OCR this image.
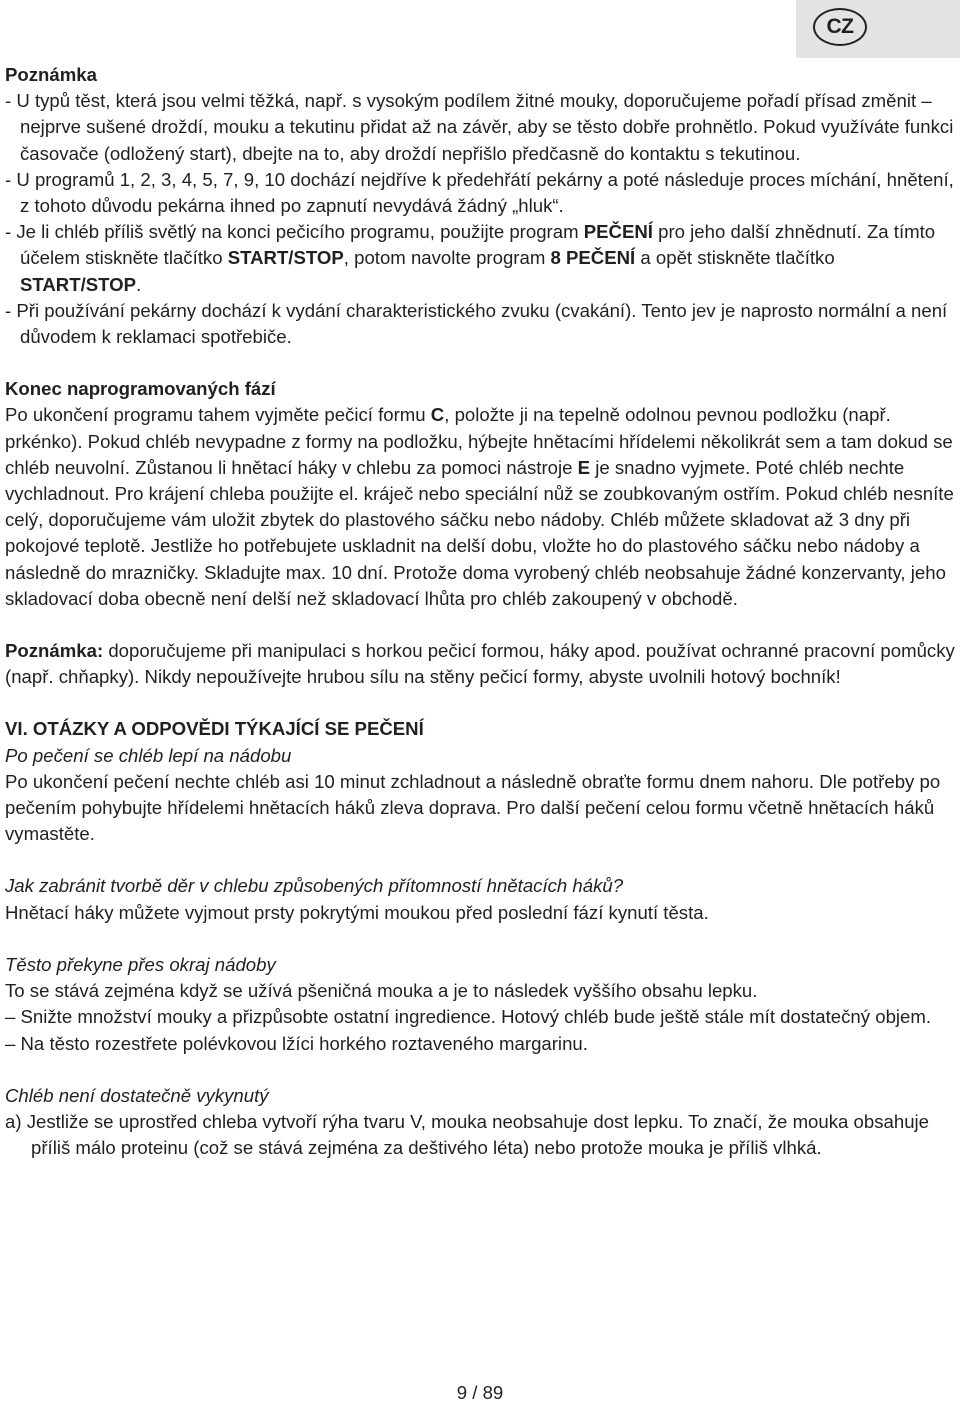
CZ

Poznámka

- U typů těst, která jsou velmi těžká, např. s vysokým podílem žitné mouky, doporučujeme pořadí přísad změnit – nejprve sušené droždí, mouku a tekutinu přidat až na závěr, aby se těsto dobře prohnětlo. Pokud využíváte funkci časovače (odložený start), dbejte na to, aby droždí nepřišlo předčasně do kontaktu s tekutinou.

- U programů 1, 2, 3, 4, 5, 7, 9, 10 dochází nejdříve k předehřátí pekárny a poté následuje proces míchání, hnětení, z tohoto důvodu pekárna ihned po zapnutí nevydává žádný „hluk“.

- Je li chléb příliš světlý na konci pečicího programu, použijte program PEČENÍ pro jeho další zhnědnutí. Za tímto účelem stiskněte tlačítko START/STOP, potom navolte program 8 PEČENÍ a opět stiskněte tlačítko START/STOP.

- Při používání pekárny dochází k vydání charakteristického zvuku (cvakání). Tento jev je naprosto normální a není důvodem k reklamaci spotřebiče.

Konec naprogramovaných fází

Po ukončení programu tahem vyjměte pečicí formu C, položte ji na tepelně odolnou pevnou podložku (např. prkénko). Pokud chléb nevypadne z formy na podložku, hýbejte hnětacími hřídelemi několikrát sem a tam dokud se chléb neuvolní. Zůstanou li hnětací háky v chlebu za pomoci nástroje E je snadno vyjmete. Poté chléb nechte vychladnout. Pro krájení chleba použijte el. kráječ nebo speciální nůž se zoubkovaným ostřím. Pokud chléb nesníte celý, doporučujeme vám uložit zbytek do plastového sáčku nebo nádoby. Chléb můžete skladovat až 3 dny při pokojové teplotě. Jestliže ho potřebujete uskladnit na delší dobu, vložte ho do plastového sáčku nebo nádoby a následně do mrazničky. Skladujte max. 10 dní. Protože doma vyrobený chléb neobsahuje žádné konzervanty, jeho skladovací doba obecně není delší než skladovací lhůta pro chléb zakoupený v obchodě.

Poznámka: doporučujeme při manipulaci s horkou pečicí formou, háky apod. používat ochranné pracovní pomůcky (např. chňapky). Nikdy nepoužívejte hrubou sílu na stěny pečicí formy, abyste uvolnili hotový bochník!

VI. OTÁZKY A ODPOVĚDI TÝKAJÍCÍ SE PEČENÍ

Po pečení se chléb lepí na nádobu

Po ukončení pečení nechte chléb asi 10 minut zchladnout a následně obraťte formu dnem nahoru. Dle potřeby po pečením pohybujte hřídelemi hnětacích háků zleva doprava. Pro další pečení celou formu včetně hnětacích háků vymastěte.

Jak zabránit tvorbě děr v chlebu způsobených přítomností hnětacích háků?

Hnětací háky můžete vyjmout prsty pokrytými moukou před poslední fází kynutí těsta.

Těsto překyne přes okraj nádoby

To se stává zejména když se užívá pšeničná mouka a je to následek vyššího obsahu lepku.

– Snižte množství mouky a přizpůsobte ostatní ingredience. Hotový chléb bude ještě stále mít dostatečný objem.

– Na těsto rozestřete polévkovou lžíci horkého roztaveného margarinu.

Chléb není dostatečně vykynutý

a) Jestliže se uprostřed chleba vytvoří rýha tvaru V, mouka neobsahuje dost lepku. To značí, že mouka obsahuje příliš málo proteinu (což se stává zejména za deštivého léta) nebo protože mouka je příliš vlhká.

9 / 89
